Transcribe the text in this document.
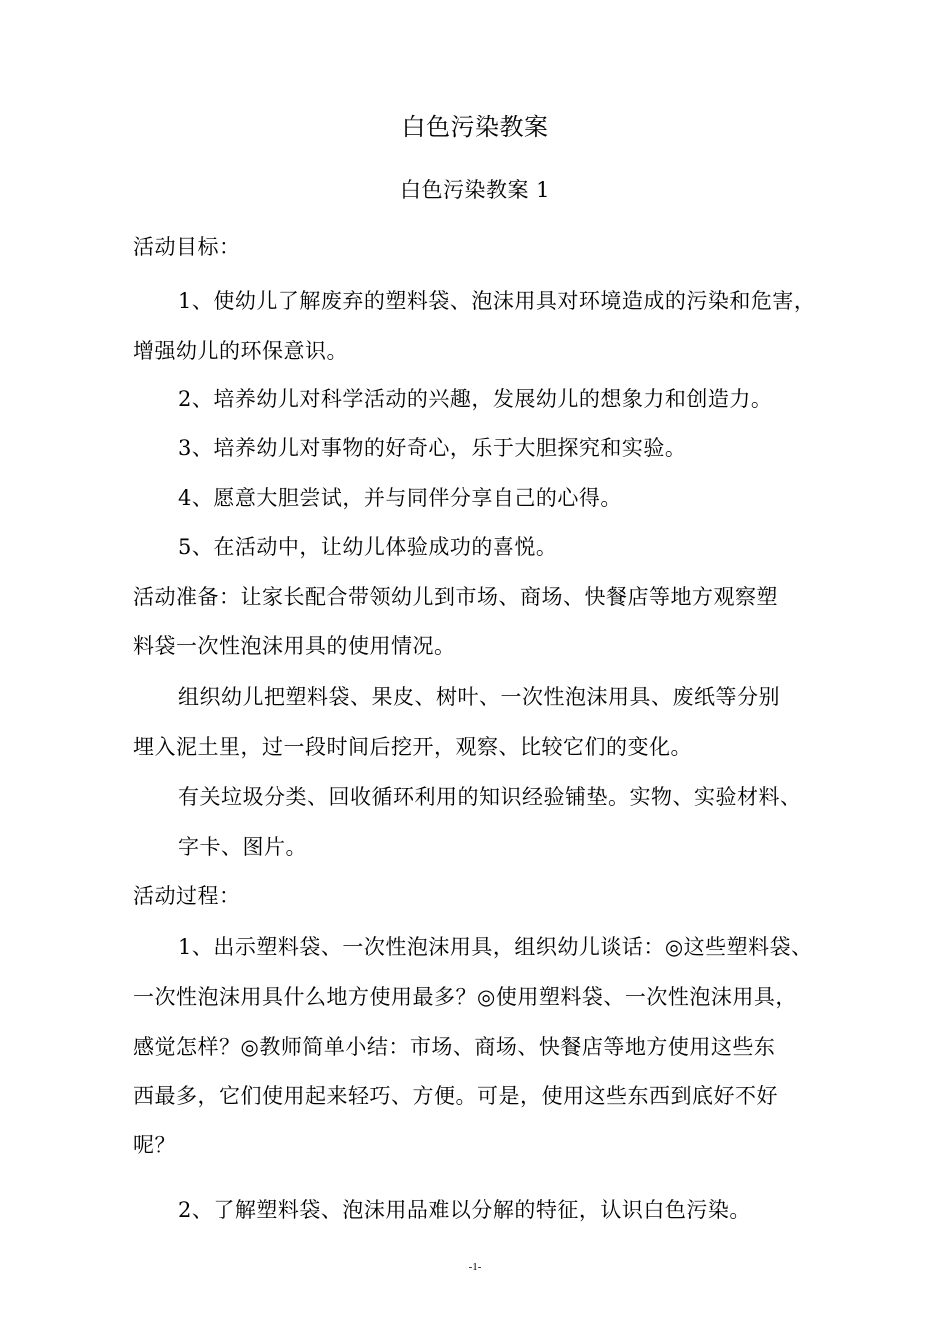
白色污染教案
白色污染教案 1
活动目标：
1、使幼儿了解废弃的塑料袋、泡沫用具对环境造成的污染和危害，
增强幼儿的环保意识。
2、培养幼儿对科学活动的兴趣，发展幼儿的想象力和创造力。
3、培养幼儿对事物的好奇心，乐于大胆探究和实验。
4、愿意大胆尝试，并与同伴分享自己的心得。
5、在活动中，让幼儿体验成功的喜悦。
活动准备：让家长配合带领幼儿到市场、商场、快餐店等地方观察塑
料袋一次性泡沫用具的使用情况。
组织幼儿把塑料袋、果皮、树叶、一次性泡沫用具、废纸等分别
埋入泥土里，过一段时间后挖开，观察、比较它们的变化。
有关垃圾分类、回收循环利用的知识经验铺垫。实物、实验材料、
字卡、图片。
活动过程：
1、出示塑料袋、一次性泡沫用具，组织幼儿谈话：◎这些塑料袋、
一次性泡沫用具什么地方使用最多？◎使用塑料袋、一次性泡沫用具，
感觉怎样？◎教师简单小结：市场、商场、快餐店等地方使用这些东
西最多，它们使用起来轻巧、方便。可是，使用这些东西到底好不好
呢？
2、了解塑料袋、泡沫用品难以分解的特征，认识白色污染。
-1-
